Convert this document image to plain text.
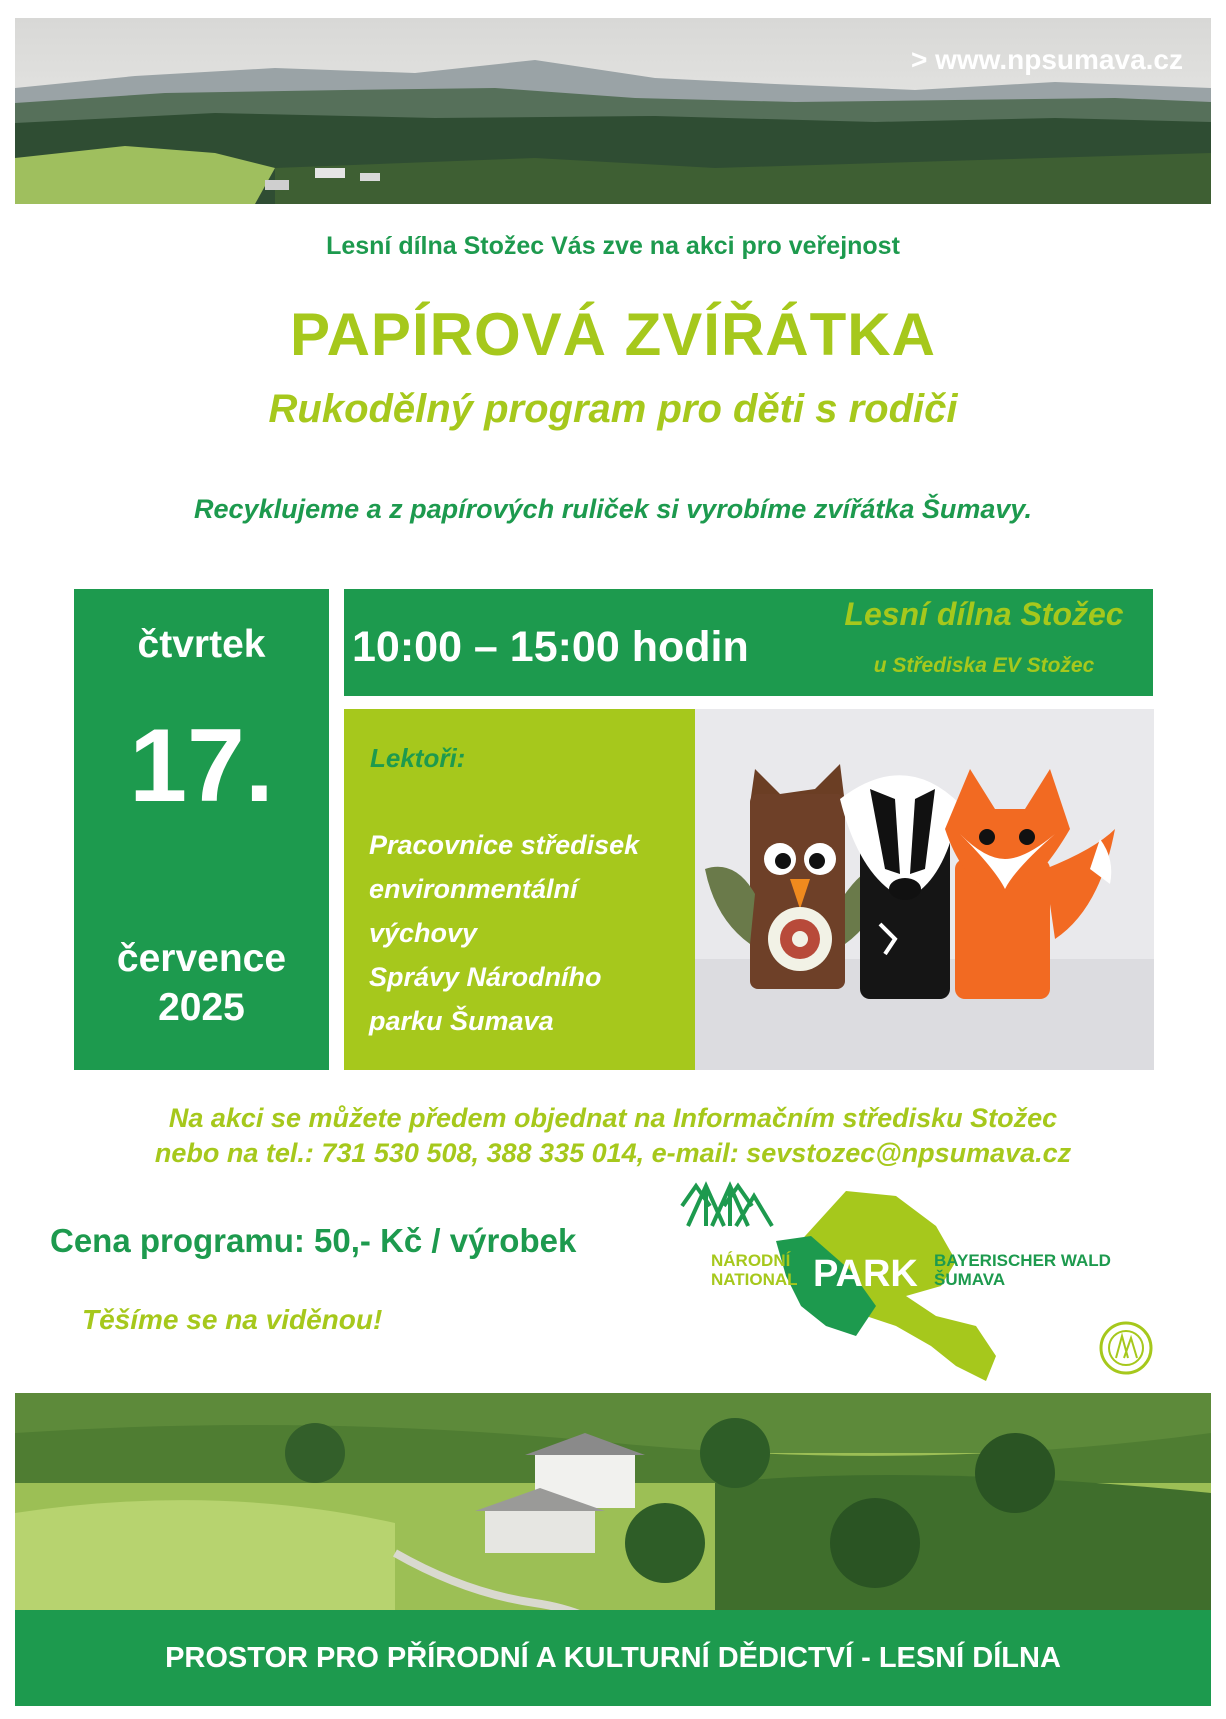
> www.npsumava.cz
Lesní dílna Stožec Vás zve na akci pro veřejnost
PAPÍROVÁ ZVÍŘÁTKA
Rukodělný program pro děti s rodiči
Recyklujeme a z papírových ruliček si vyrobíme zvířátka Šumavy.
čtvrtek
17.
července
2025
10:00 – 15:00 hodin
Lesní dílna Stožec
u Střediska EV Stožec
Lektoři:
Pracovnice středisek
environmentální
výchovy
Správy Národního
parku Šumava
Na akci se můžete předem objednat na Informačním středisku Stožec
nebo na tel.: 731 530 508, 388 335 014, e-mail: sevstozec@npsumava.cz
Cena programu: 50,- Kč / výrobek
Těšíme se na viděnou!
NÁRODNÍ
NATIONAL PARK BAYERISCHER WALD
ŠUMAVA
PROSTOR PRO PŘÍRODNÍ A KULTURNÍ DĚDICTVÍ - LESNÍ DÍLNA
